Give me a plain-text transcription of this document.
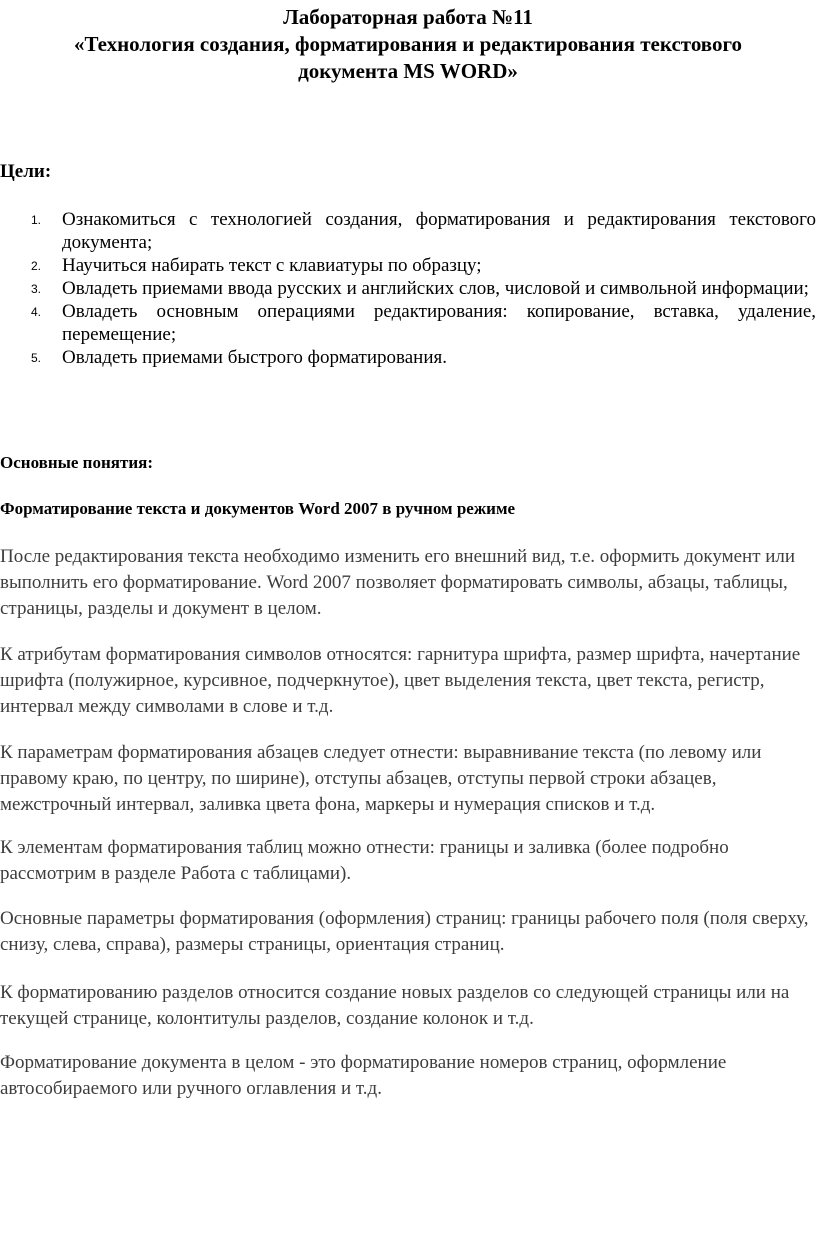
Лабораторная работа №11
«Технология создания, форматирования и редактирования текстового
документа MS WORD»
Цели:
1. Ознакомиться с технологией создания, форматирования и редактирования текстового документа;
2. Научиться набирать текст с клавиатуры по образцу;
3. Овладеть приемами ввода русских и английских слов, числовой и символьной информации;
4. Овладеть основным операциями редактирования: копирование, вставка, удаление, перемещение;
5. Овладеть приемами быстрого форматирования.
Основные понятия:
Форматирование текста и документов Word 2007 в ручном режиме
После редактирования текста необходимо изменить его внешний вид, т.е. оформить документ или выполнить его форматирование. Word 2007 позволяет форматировать символы, абзацы, таблицы, страницы, разделы и документ в целом.
К атрибутам форматирования символов относятся: гарнитура шрифта, размер шрифта, начертание шрифта (полужирное, курсивное, подчеркнутое), цвет выделения текста, цвет текста, регистр, интервал между символами в слове и т.д.
К параметрам форматирования абзацев следует отнести: выравнивание текста (по левому или правому краю, по центру, по ширине), отступы абзацев, отступы первой строки абзацев, межстрочный интервал, заливка цвета фона, маркеры и нумерация списков и т.д.
К элементам форматирования таблиц можно отнести: границы и заливка (более подробно рассмотрим в разделе Работа с таблицами).
Основные параметры форматирования (оформления) страниц: границы рабочего поля (поля сверху, снизу, слева, справа), размеры страницы, ориентация страниц.
К форматированию разделов относится создание новых разделов со следующей страницы или на текущей странице, колонтитулы разделов, создание колонок и т.д.
Форматирование документа в целом - это форматирование номеров страниц, оформление автособираемого или ручного оглавления и т.д.
